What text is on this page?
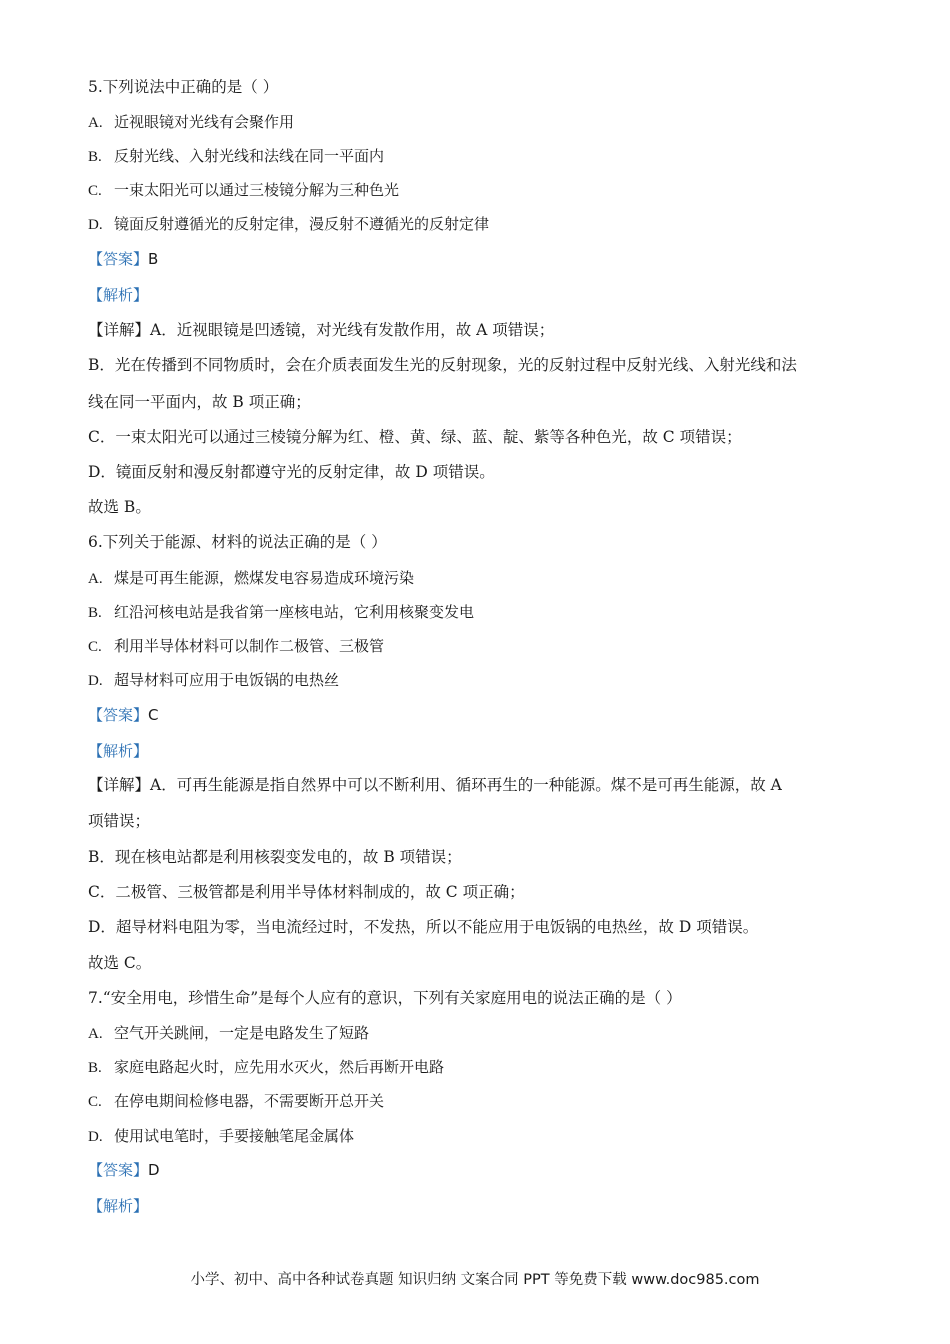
5.下列说法中正确的是（ ）
A. 近视眼镜对光线有会聚作用
B. 反射光线、入射光线和法线在同一平面内
C. 一束太阳光可以通过三棱镜分解为三种色光
D. 镜面反射遵循光的反射定律，漫反射不遵循光的反射定律
【答案】B
【解析】
【详解】A．近视眼镜是凹透镜，对光线有发散作用，故 A 项错误；
B．光在传播到不同物质时，会在介质表面发生光的反射现象，光的反射过程中反射光线、入射光线和法
线在同一平面内，故 B 项正确；
C．一束太阳光可以通过三棱镜分解为红、橙、黄、绿、蓝、靛、紫等各种色光，故 C 项错误；
D．镜面反射和漫反射都遵守光的反射定律，故 D 项错误。
故选 B。
6.下列关于能源、材料的说法正确的是（ ）
A. 煤是可再生能源，燃煤发电容易造成环境污染
B. 红沿河核电站是我省第一座核电站，它利用核聚变发电
C. 利用半导体材料可以制作二极管、三极管
D. 超导材料可应用于电饭锅的电热丝
【答案】C
【解析】
【详解】A．可再生能源是指自然界中可以不断利用、循环再生的一种能源。煤不是可再生能源，故 A
项错误；
B．现在核电站都是利用核裂变发电的，故 B 项错误；
C．二极管、三极管都是利用半导体材料制成的，故 C 项正确；
D．超导材料电阻为零，当电流经过时，不发热，所以不能应用于电饭锅的电热丝，故 D 项错误。
故选 C。
7.“安全用电，珍惜生命”是每个人应有的意识，下列有关家庭用电的说法正确的是（ ）
A. 空气开关跳闸，一定是电路发生了短路
B. 家庭电路起火时，应先用水灭火，然后再断开电路
C. 在停电期间检修电器，不需要断开总开关
D. 使用试电笔时，手要接触笔尾金属体
【答案】D
【解析】
小学、初中、高中各种试卷真题 知识归纳 文案合同 PPT 等免费下载 www.doc985.com
